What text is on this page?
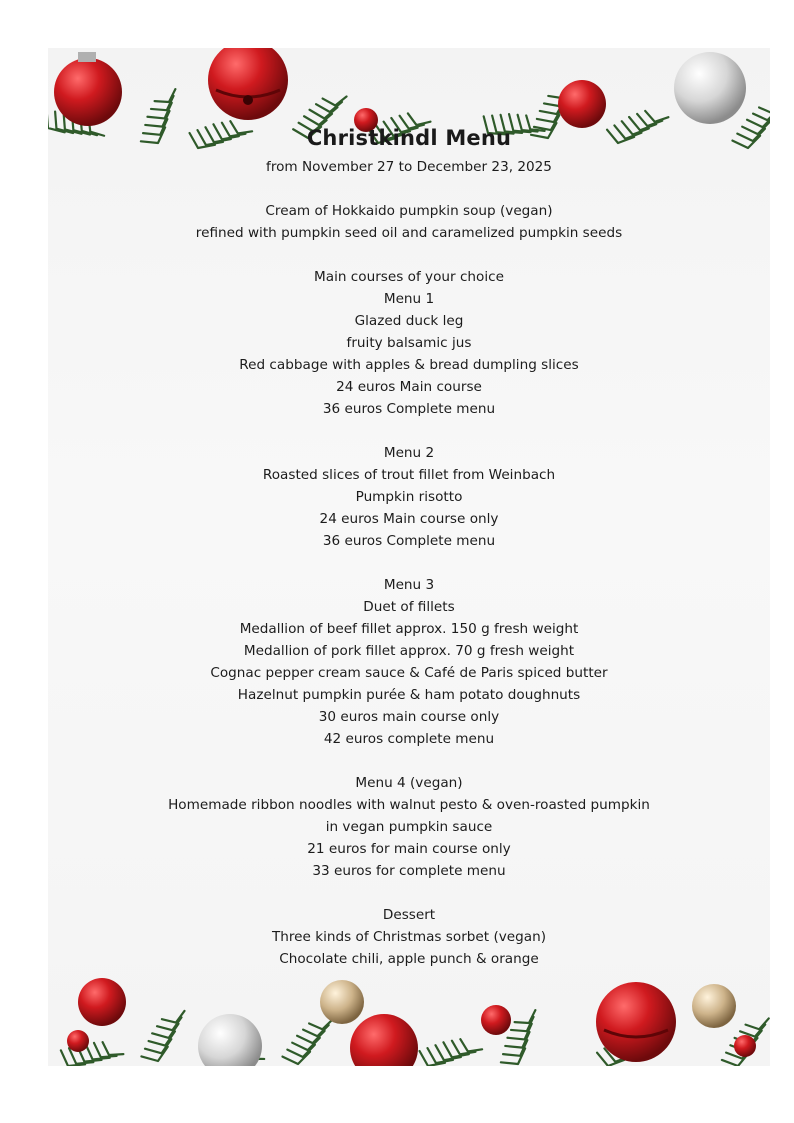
Christkindl Menu

from November 27 to December 23, 2025

Cream of Hokkaido pumpkin soup (vegan)

refined with pumpkin seed oil and caramelized pumpkin seeds

Main courses of your choice

Menu 1

Glazed duck leg

fruity balsamic jus

Red cabbage with apples & bread dumpling slices

24 euros Main course

36 euros Complete menu

Menu 2

Roasted slices of trout fillet from Weinbach

Pumpkin risotto

24 euros Main course only

36 euros Complete menu

Menu 3

Duet of fillets

Medallion of beef fillet approx. 150 g fresh weight

Medallion of pork fillet approx. 70 g fresh weight

Cognac pepper cream sauce & Café de Paris spiced butter

Hazelnut pumpkin purée & ham potato doughnuts

30 euros main course only

42 euros complete menu

Menu 4 (vegan)

Homemade ribbon noodles with walnut pesto & oven-roasted pumpkin

in vegan pumpkin sauce

21 euros for main course only

33 euros for complete menu

Dessert

Three kinds of Christmas sorbet (vegan)

Chocolate chili, apple punch & orange
